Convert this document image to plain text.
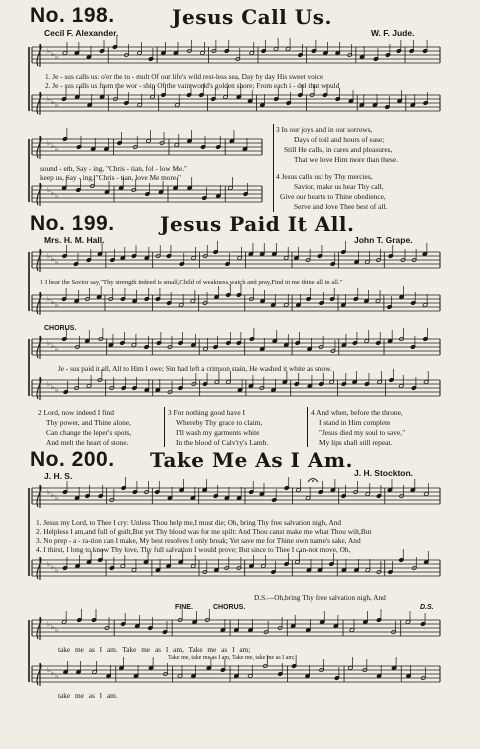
♭ ♭ ♭
♭ ♭ ♭
♭ ♭ ♭
♭ ♭ ♭
♭ ♭ ♭
♭ ♭ ♭
♭ ♭ ♭
♭ ♭ ♭
♭ ♭ ♭
♭ ♭ ♭
♭ ♭ ♭
♭ ♭ ♭
No. 198.	Jesus Call Us.
Cecil F. Alexander.	W. F. Jude.
1. Je - sus calls us: o'er the tu - mult Of our life's wild rest-less sea, Day by day His sweet voice
2. Je - sus calls us from the wor - ship Of the vain world's golden shore; From each i - dol that would
sound - eth, Say - ing, "Chris - tian, fol - low Me."
keep us, Say - ing, "Chris - tian, love Me more."
3 In our joys and in our sorrows,
Days of toil and hours of ease;
Still He calls, in cares and pleasures,
That we love Him more than these.
4 Jesus calls us: by Thy mercies,
Savior, make us hear Thy call,
Give our hearts to Thine obedience,
Serve and love Thee best of all.
No. 199. Jesus Paid It All.
Mrs. H. M. Hall.	John T. Grape.
1 I hear the Savior say,"Thy strength indeed is small,Child of weakness,watch and pray,Find in me thine all in all."
CHORUS.
Je - sus paid it all, All to Him I owe; Sin had left a crimson stain, He washed it white as snow.
2 Lord, now indeed I find
Thy power, and Thine alone,
Can change the leper's spots,
And melt the heart of stone.
3 For nothing good have I
Whereby Thy grace to claim,
I'll wash my garments white
In the blood of Calv'ry's Lamb.
4 And when, before the throne,
I stand in Him complete
"Jesus died my soul to save,"
My lips shall still repeat.
No. 200. Take Me As I Am.
J. H. S.	J. H. Stockton.
1. Jesus my Lord, to Thee I cry: Unless Thou help me,I must die; Oh, bring Thy free salvation nigh, And
2. Helpless I am,and full of guilt,But yet Thy blood was for me spilt: And Thou canst make me what Thou wilt,But
3. No prep - a - ra-tion can I make, My best resolves I only break; Yet save me for Thine own name's sake, And
4. I thirst, I long to know Thy love, Thy full salvation I would prove; But since to Thee I can-not move, Oh,
D.S.—Oh,bring Thy free salvation nigh, And
FINE.	CHORUS.	D.S.
take me as I am. Take me as I am, Take me as I am;
Take me, take me as I am, Take me, take me as I am;
take me as I am.
